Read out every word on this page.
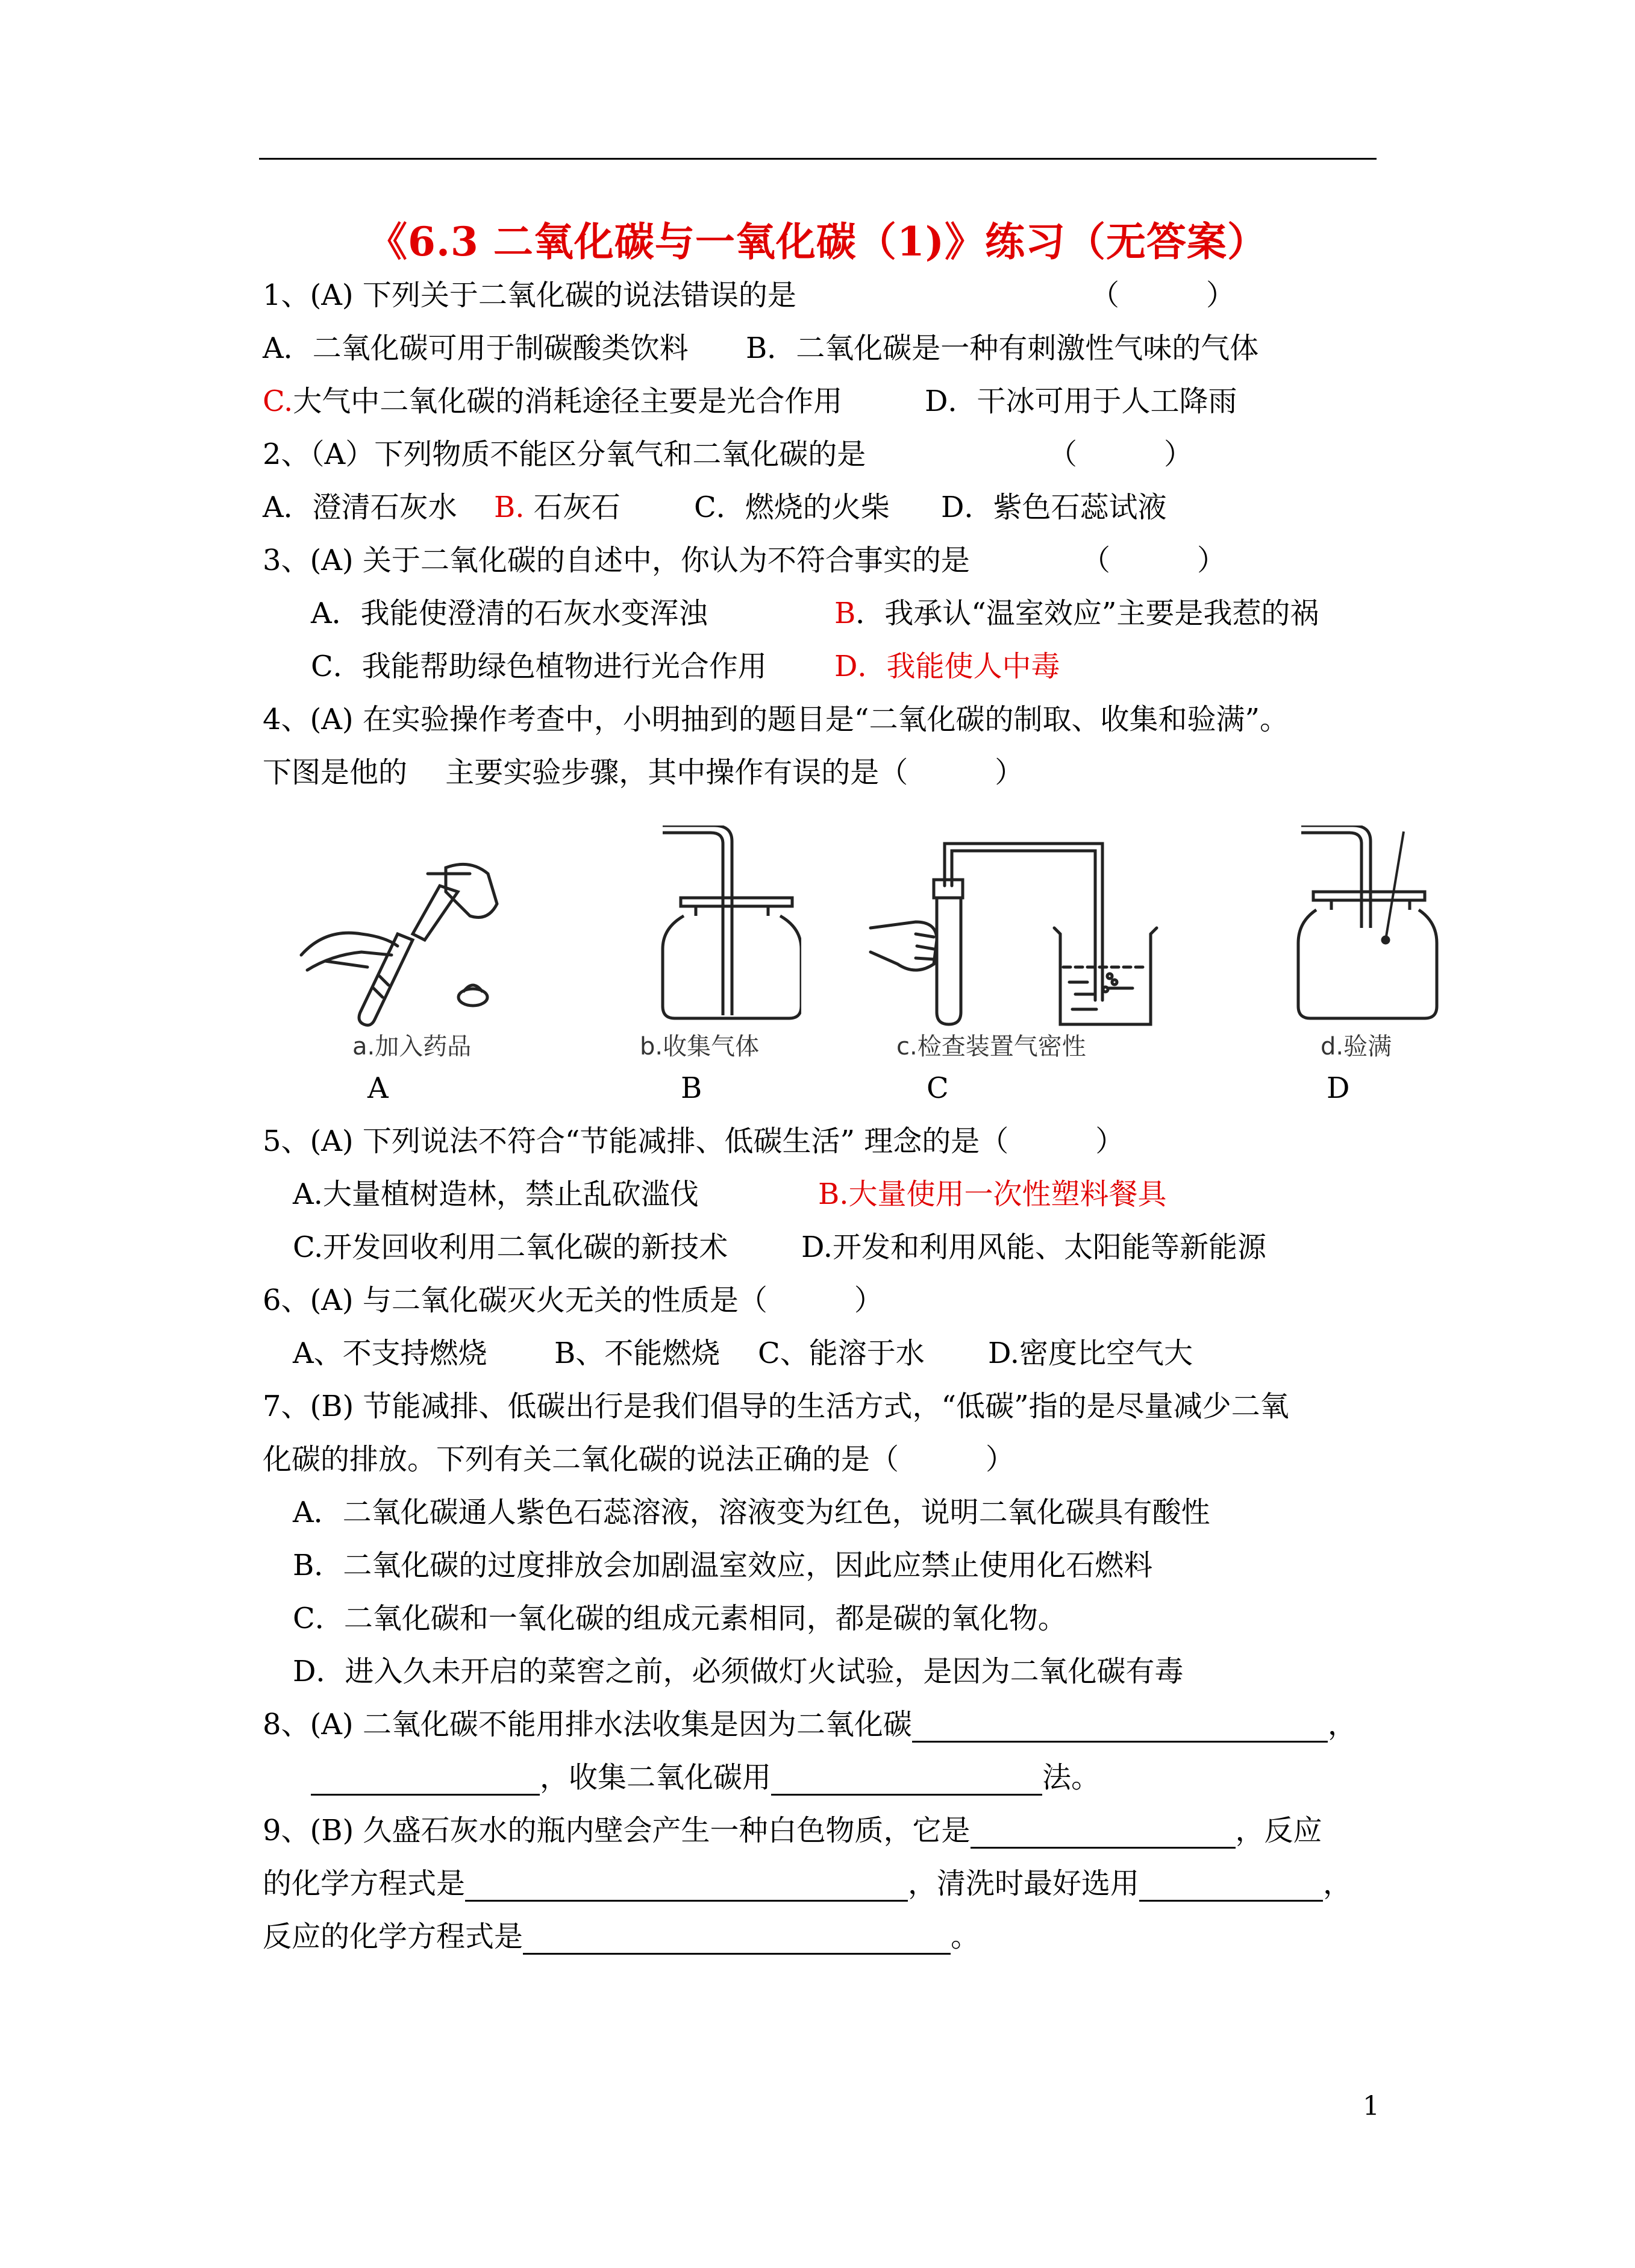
《6.3 二氧化碳与一氧化碳（1)》练习（无答案）
1、(A) 下列关于二氧化碳的说法错误的是	（　　　）
A．二氧化碳可用于制碳酸类饮料 B．二氧化碳是一种有刺激性气味的气体
C.大气中二氧化碳的消耗途径主要是光合作用	D．干冰可用于人工降雨
2、（A）下列物质不能区分氧气和二氧化碳的是	（　　　）
A．澄清石灰水 B. 石灰石	C．燃烧的火柴 D．紫色石蕊试液
3、(A) 关于二氧化碳的自述中，你认为不符合事实的是	（　　　）
A．我能使澄清的石灰水变浑浊	B．我承认“温室效应”主要是我惹的祸
C．我能帮助绿色植物进行光合作用 D．我能使人中毒
4、(A) 在实验操作考查中，小明抽到的题目是“二氧化碳的制取、收集和验满”。
下图是他的　 主要实验步骤，其中操作有误的是（　　　）
a.加入药品	b.收集气体	c.检查装置气密性	d.验满
A	B	C	D
5、(A) 下列说法不符合“节能减排、低碳生活” 理念的是（　　　）
A.大量植树造林，禁止乱砍滥伐	B.大量使用一次性塑料餐具
C.开发回收利用二氧化碳的新技术	D.开发和利用风能、太阳能等新能源
6、(A) 与二氧化碳灭火无关的性质是（　　　）
A、不支持燃烧 B、不能燃烧 C、能溶于水 D.密度比空气大
7、(B) 节能减排、低碳出行是我们倡导的生活方式，“低碳”指的是尽量减少二氧
化碳的排放。下列有关二氧化碳的说法正确的是（　　　）
A．二氧化碳通人紫色石蕊溶液，溶液变为红色，说明二氧化碳具有酸性
B．二氧化碳的过度排放会加剧温室效应，因此应禁止使用化石燃料
C．二氧化碳和一氧化碳的组成元素相同，都是碳的氧化物。
D．进入久未开启的菜窖之前，必须做灯火试验，是因为二氧化碳有毒
8、(A) 二氧化碳不能用排水法收集是因为二氧化碳	，
，收集二氧化碳用	法。
9、(B) 久盛石灰水的瓶内壁会产生一种白色物质，它是	，反应
的化学方程式是	，清洗时最好选用	，
反应的化学方程式是	。
1
